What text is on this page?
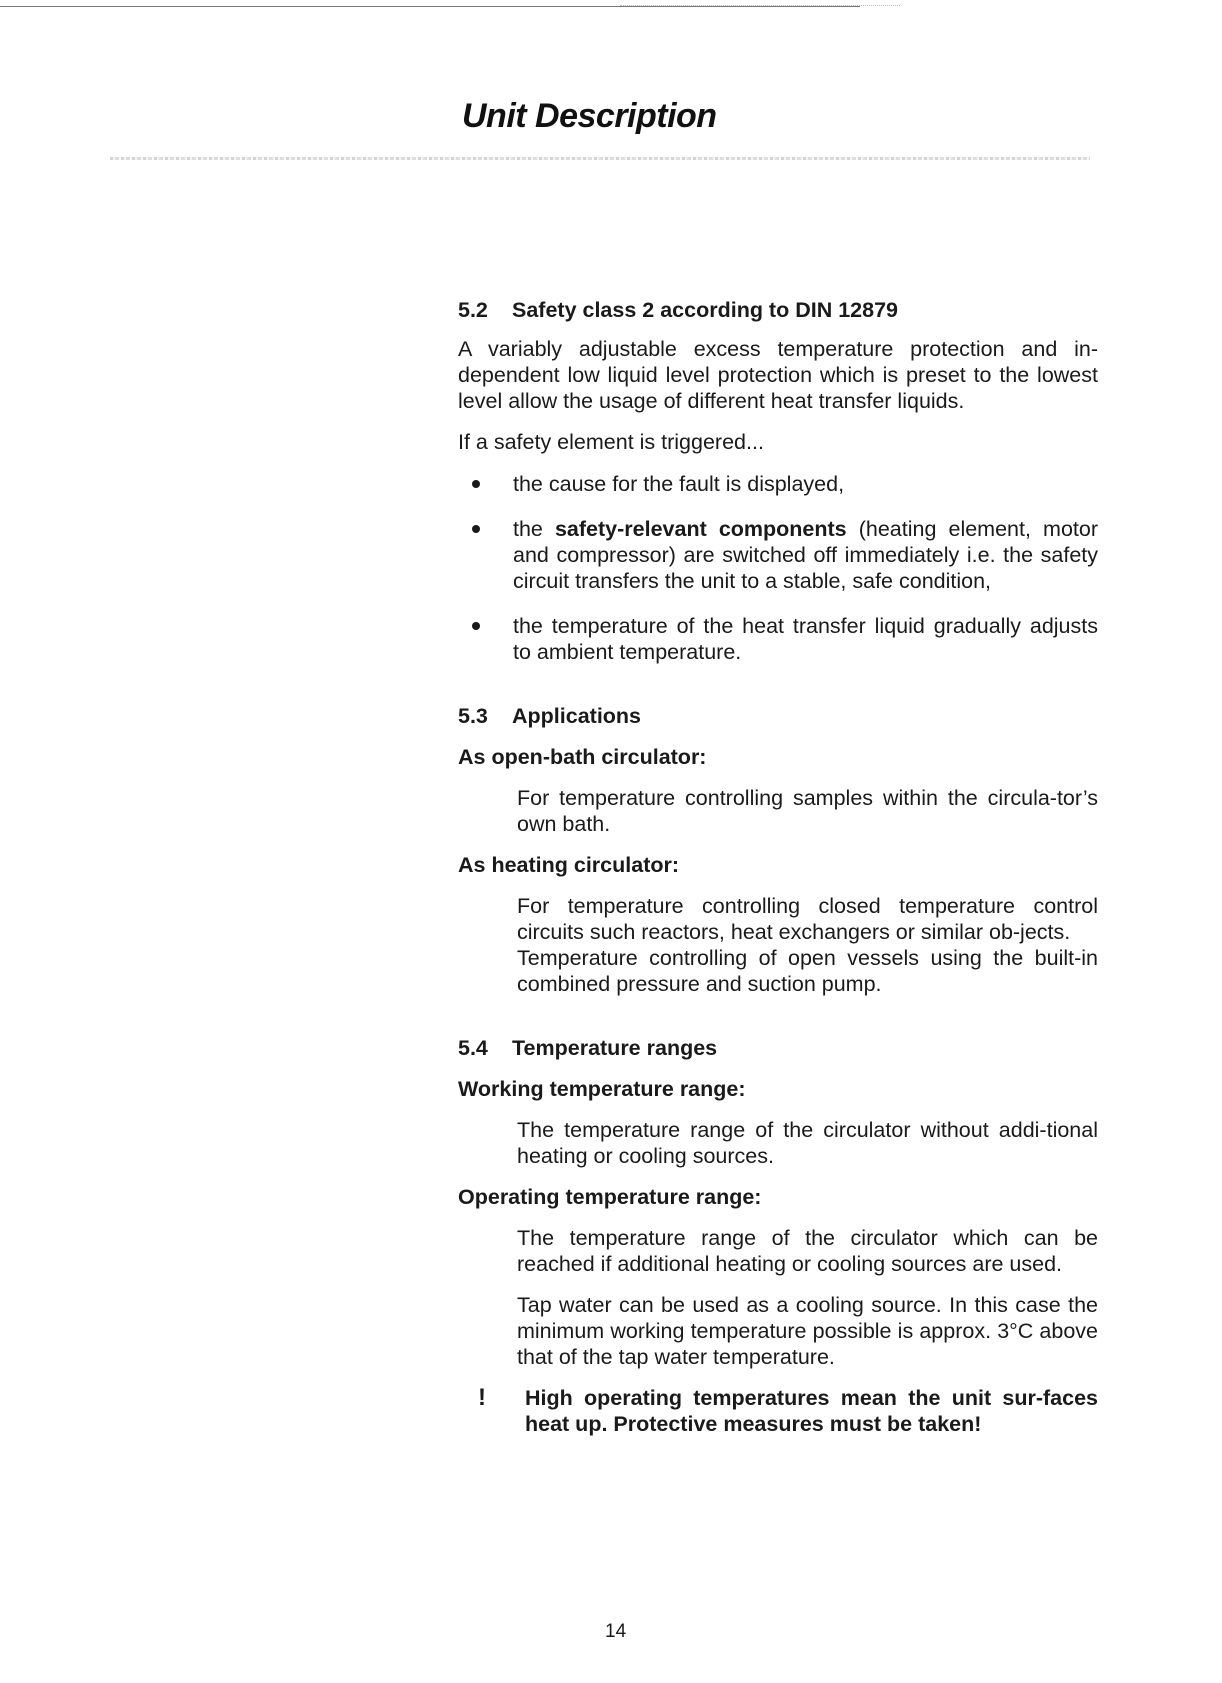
Unit Description
5.2 Safety class 2 according to DIN 12879

A variably adjustable excess temperature protection and in-dependent low liquid level protection which is preset to the lowest level allow the usage of different heat transfer liquids.

If a safety element is triggered...

the cause for the fault is displayed,
the safety-relevant components (heating element, motor and compressor) are switched off immediately i.e. the safety circuit transfers the unit to a stable, safe condition,
the temperature of the heat transfer liquid gradually adjusts to ambient temperature.
5.3 Applications
As open-bath circulator:

For temperature controlling samples within the circula-tor’s own bath.

As heating circulator:

For temperature controlling closed temperature control circuits such reactors, heat exchangers or similar ob-jects.

Temperature controlling of open vessels using the built-in combined pressure and suction pump.

5.4 Temperature ranges
Working temperature range:

The temperature range of the circulator without addi-tional heating or cooling sources.

Operating temperature range:

The temperature range of the circulator which can be reached if additional heating or cooling sources are used.

Tap water can be used as a cooling source. In this case the minimum working temperature possible is approx. 3°C above that of the tap water temperature.

! High operating temperatures mean the unit sur-faces heat up. Protective measures must be taken!

14
